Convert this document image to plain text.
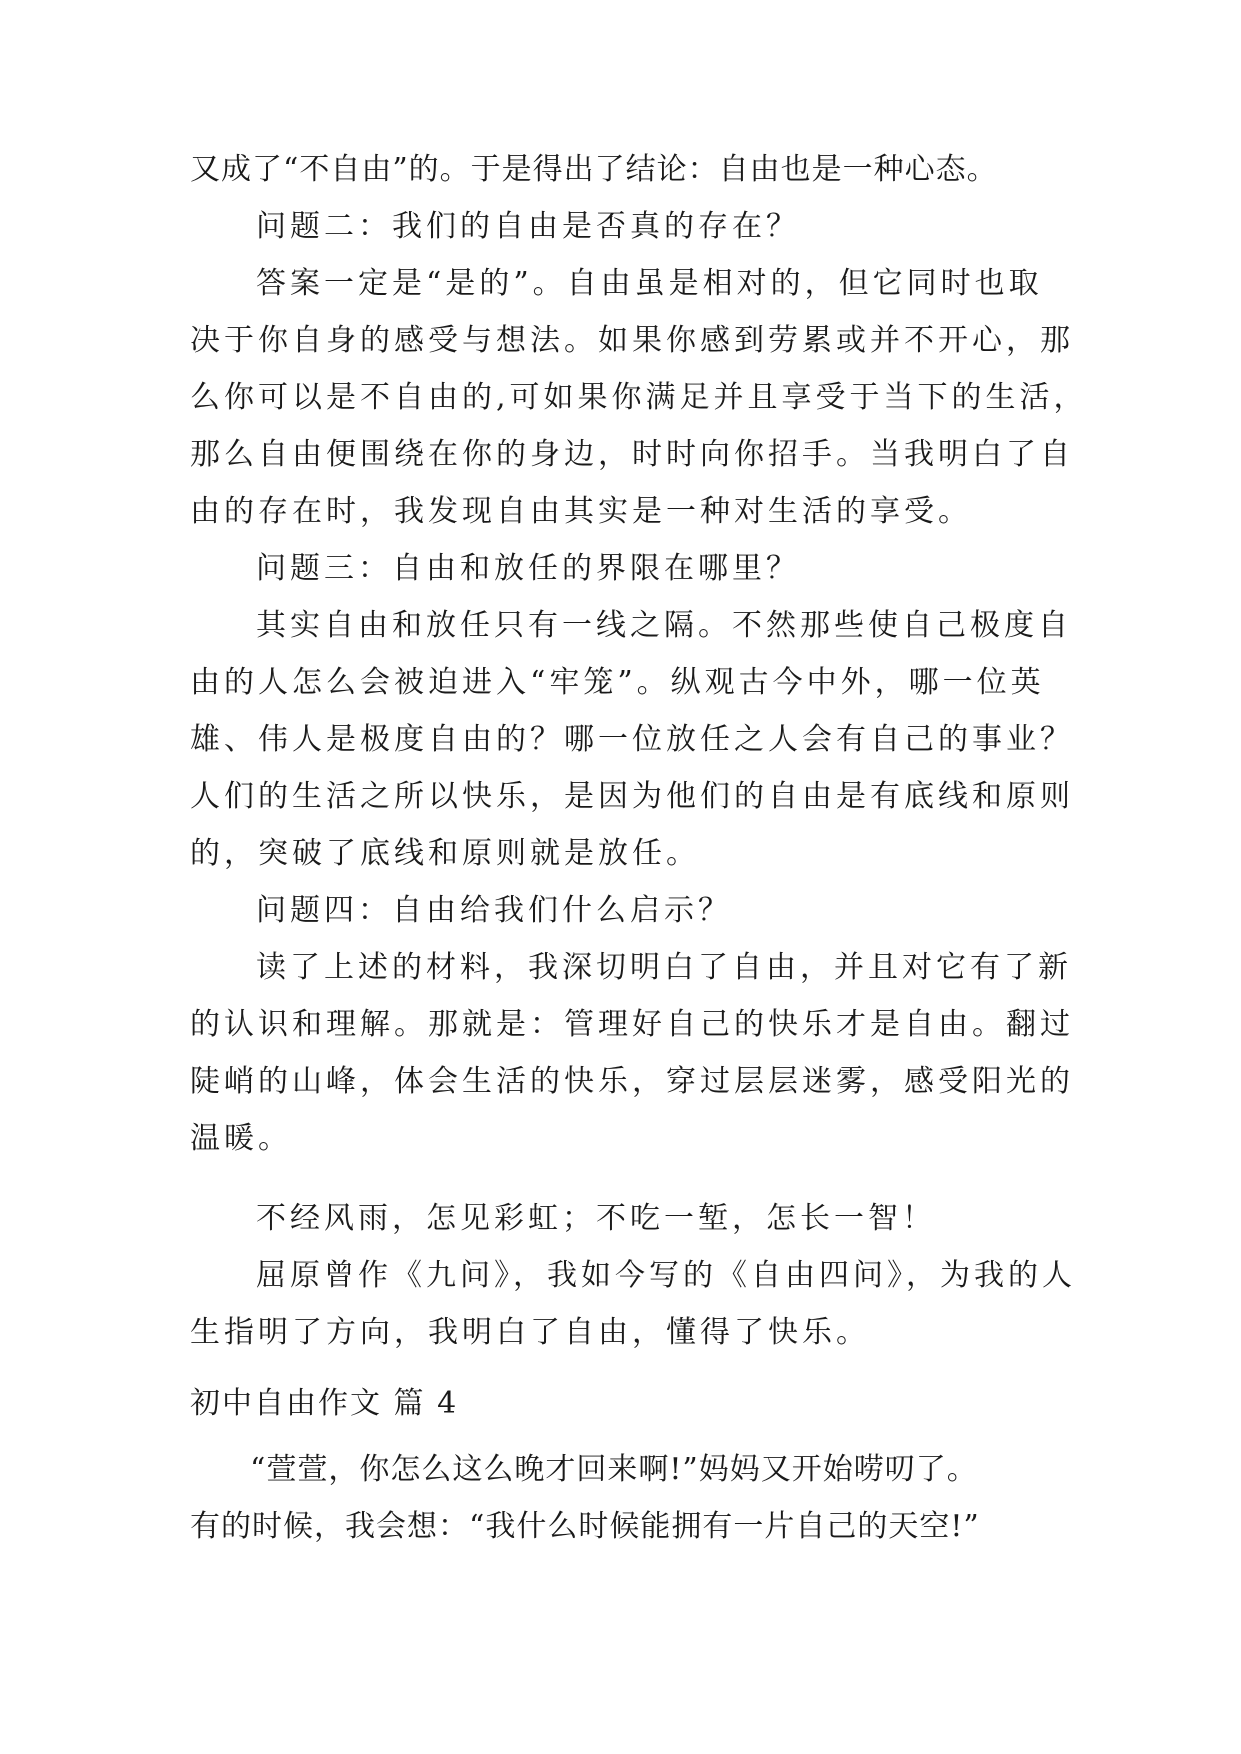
又成了“不自由”的。于是得出了结论：自由也是一种心态。
问题二：我们的自由是否真的存在？
答案一定是“是的”。自由虽是相对的，但它同时也取
决于你自身的感受与想法。如果你感到劳累或并不开心，那
么你可以是不自由的,可如果你满足并且享受于当下的生活，
那么自由便围绕在你的身边，时时向你招手。当我明白了自
由的存在时，我发现自由其实是一种对生活的享受。
问题三：自由和放任的界限在哪里？
其实自由和放任只有一线之隔。不然那些使自己极度自
由的人怎么会被迫进入“牢笼”。纵观古今中外，哪一位英
雄、伟人是极度自由的？哪一位放任之人会有自己的事业？
人们的生活之所以快乐，是因为他们的自由是有底线和原则
的，突破了底线和原则就是放任。
问题四：自由给我们什么启示？
读了上述的材料，我深切明白了自由，并且对它有了新
的认识和理解。那就是：管理好自己的快乐才是自由。翻过
陡峭的山峰，体会生活的快乐，穿过层层迷雾，感受阳光的
温暖。
不经风雨，怎见彩虹；不吃一堑，怎长一智！
屈原曾作《九问》，我如今写的《自由四问》，为我的人
生指明了方向，我明白了自由，懂得了快乐。
初中自由作文 篇 4
“萱萱，你怎么这么晚才回来啊!”妈妈又开始唠叨了。
有的时候，我会想：“我什么时候能拥有一片自己的天空!”
